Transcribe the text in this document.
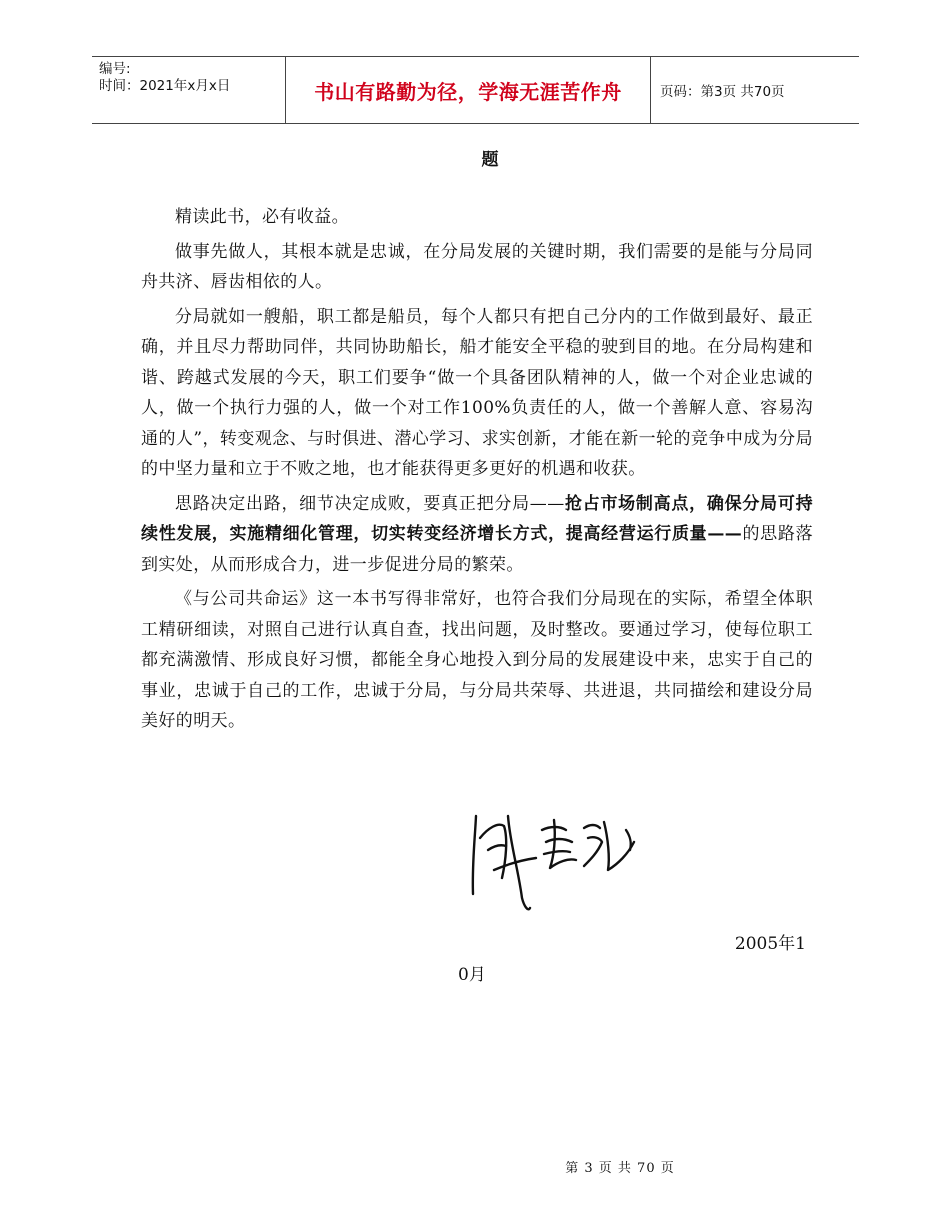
编号:
时间：2021年x月x日	书山有路勤为径，学海无涯苦作舟	页码：第3页 共70页
题

精读此书，必有收益。

做事先做人，其根本就是忠诚，在分局发展的关键时期，我们需要的是能与分局同舟共济、唇齿相依的人。

分局就如一艘船，职工都是船员，每个人都只有把自己分内的工作做到最好、最正确，并且尽力帮助同伴，共同协助船长，船才能安全平稳的驶到目的地。在分局构建和谐、跨越式发展的今天，职工们要争“做一个具备团队精神的人，做一个对企业忠诚的人，做一个执行力强的人，做一个对工作100%负责任的人，做一个善解人意、容易沟通的人”，转变观念、与时俱进、潜心学习、求实创新，才能在新一轮的竞争中成为分局的中坚力量和立于不败之地，也才能获得更多更好的机遇和收获。

思路决定出路，细节决定成败，要真正把分局——抢占市场制高点，确保分局可持续性发展，实施精细化管理，切实转变经济增长方式，提高经营运行质量——的思路落到实处，从而形成合力，进一步促进分局的繁荣。

《与公司共命运》这一本书写得非常好，也符合我们分局现在的实际，希望全体职工精研细读，对照自己进行认真自查，找出问题，及时整改。要通过学习，使每位职工都充满激情、形成良好习惯，都能全身心地投入到分局的发展建设中来，忠实于自己的事业，忠诚于自己的工作，忠诚于分局，与分局共荣辱、共进退，共同描绘和建设分局美好的明天。

2005年1
0月
第 3 页 共 70 页
